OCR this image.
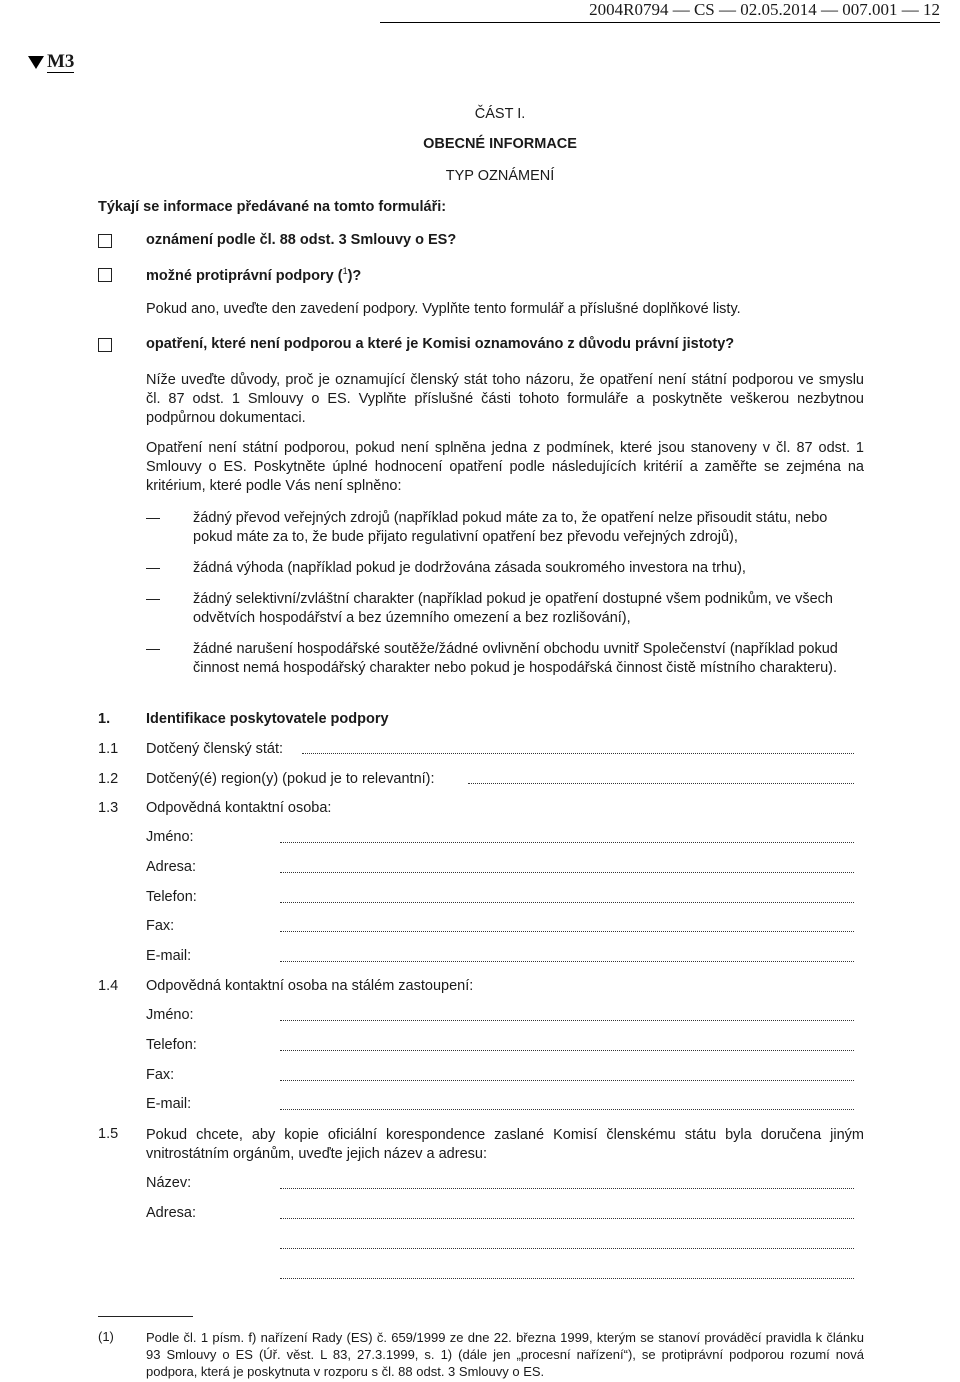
2004R0794 — CS — 02.05.2014 — 007.001 — 12
M3
ČÁST I.
OBECNÉ INFORMACE
TYP OZNÁMENÍ
Týkají se informace předávané na tomto formuláři:
oznámení podle čl. 88 odst. 3 Smlouvy o ES?
možné protiprávní podpory ($^1$)?
Pokud ano, uveďte den zavedení podpory. Vyplňte tento formulář a příslušné doplňkové listy.
opatření, které není podporou a které je Komisi oznamováno z důvodu právní jistoty?
Níže uveďte důvody, proč je oznamující členský stát toho názoru, že opatření není státní podporou ve smyslu čl. 87 odst. 1 Smlouvy o ES. Vyplňte příslušné části tohoto formuláře a poskytněte veškerou nezbytnou podpůrnou dokumentaci.
Opatření není státní podporou, pokud není splněna jedna z podmínek, které jsou stanoveny v čl. 87 odst. 1 Smlouvy o ES. Poskytněte úplné hodnocení opatření podle následujících kritérií a zaměřte se zejména na kritérium, které podle Vás není splněno:
žádný převod veřejných zdrojů (například pokud máte za to, že opatření nelze přisoudit státu, nebo pokud máte za to, že bude přijato regulativní opatření bez převodu veřejných zdrojů),
žádná výhoda (například pokud je dodržována zásada soukromého investora na trhu),
žádný selektivní/zvláštní charakter (například pokud je opatření dostupné všem podnikům, ve všech odvětvích hospodářství a bez územního omezení a bez rozlišování),
žádné narušení hospodářské soutěže/žádné ovlivnění obchodu uvnitř Společenství (například pokud činnost nemá hospodářský charakter nebo pokud je hospodářská činnost čistě místního charakteru).
1. Identifikace poskytovatele podpory
1.1 Dotčený členský stát:
1.2 Dotčený(é) region(y) (pokud je to relevantní):
1.3 Odpovědná kontaktní osoba:
Jméno:
Adresa:
Telefon:
Fax:
E-mail:
1.4 Odpovědná kontaktní osoba na stálém zastoupení:
Jméno:
Telefon:
Fax:
E-mail:
1.5 Pokud chcete, aby kopie oficiální korespondence zaslané Komisí členskému státu byla doručena jiným vnitrostátním orgánům, uveďte jejich název a adresu:
Název:
Adresa:
(1) Podle čl. 1 písm. f) nařízení Rady (ES) č. 659/1999 ze dne 22. března 1999, kterým se stanoví prováděcí pravidla k článku 93 Smlouvy o ES (Úř. věst. L 83, 27.3.1999, s. 1) (dále jen „procesní nařízení“), se protiprávní podporou rozumí nová podpora, která je poskytnuta v rozporu s čl. 88 odst. 3 Smlouvy o ES.
